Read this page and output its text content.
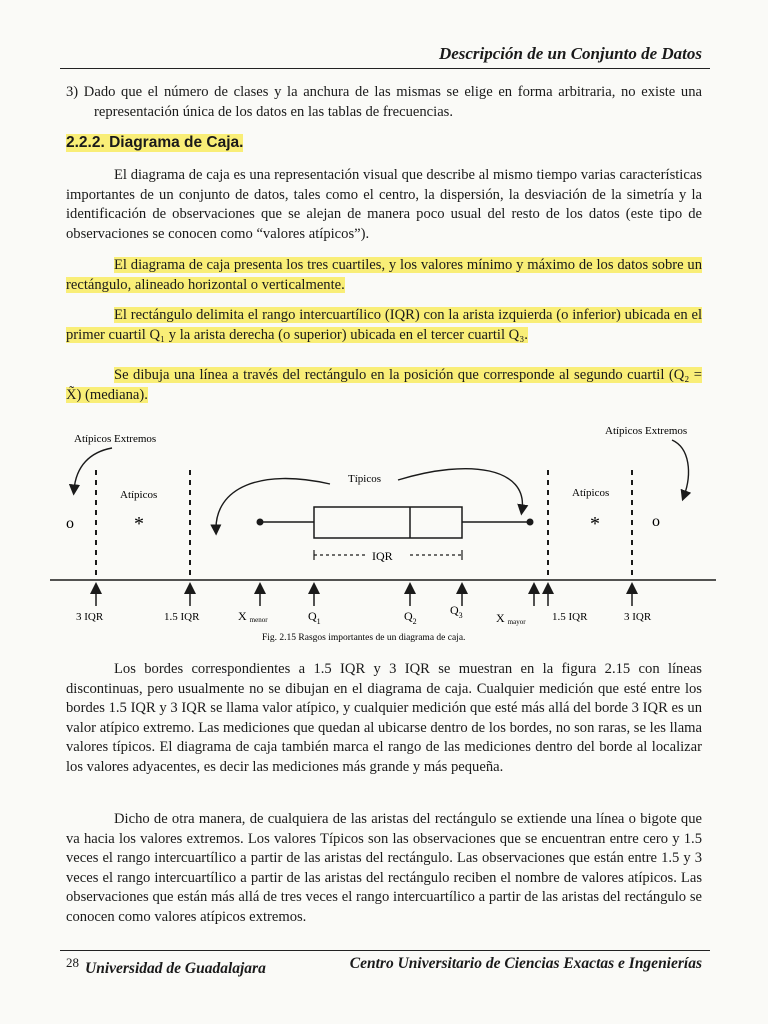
Descripción de un Conjunto de Datos
3) Dado que el número de clases y la anchura de las mismas se elige en forma arbitraria, no existe una representación única de los datos en las tablas de frecuencias.
2.2.2. Diagrama de Caja.
El diagrama de caja es una representación visual que describe al mismo tiempo varias características importantes de un conjunto de datos, tales como el centro, la dispersión, la desviación de la simetría y la identificación de observaciones que se alejan de manera poco usual del resto de los datos (este tipo de observaciones se conocen como “valores atípicos”).
El diagrama de caja presenta los tres cuartiles, y los valores mínimo y máximo de los datos sobre un rectángulo, alineado horizontal o verticalmente.
El rectángulo delimita el rango intercuartílico (IQR) con la arista izquierda (o inferior) ubicada en el primer cuartil Q₁ y la arista derecha (o superior) ubicada en el tercer cuartil Q₃.
Se dibuja una línea a través del rectángulo en la posición que corresponde al segundo cuartil (Q₂ = X̃) (mediana).
Atípicos Extremos
Atípicos Extremos
Típicos
Atípicos	Atípicos
o	*	*	o
IQR
3 IQR	1.5 IQR	Xmenor	$Q_1$	$Q_2$
$Q_3$	Xmayor 1.5 IQR	3 IQR
Fig. 2.15 Rasgos importantes de un diagrama de caja.
Los bordes correspondientes a 1.5 IQR y 3 IQR se muestran en la figura 2.15 con líneas discontinuas, pero usualmente no se dibujan en el diagrama de caja. Cualquier medición que esté entre los bordes 1.5 IQR y 3 IQR se llama valor atípico, y cualquier medición que esté más allá del borde 3 IQR es un valor atípico extremo. Las mediciones que quedan al ubicarse dentro de los bordes, no son raras, se les llama valores típicos. El diagrama de caja también marca el rango de las mediciones dentro del borde al localizar los valores adyacentes, es decir las mediciones más grande y más pequeña.
Dicho de otra manera, de cualquiera de las aristas del rectángulo se extiende una línea o bigote que va hacia los valores extremos. Los valores Típicos son las observaciones que se encuentran entre cero y 1.5 veces el rango intercuartílico a partir de las aristas del rectángulo. Las observaciones que están entre 1.5 y 3 veces el rango intercuartílico a partir de las aristas del rectángulo reciben el nombre de valores atípicos. Las observaciones que están más allá de tres veces el rango intercuartílico a partir de las aristas del rectángulo se conocen como valores atípicos extremos.
$^{28}$ Universidad de Guadalajara	Centro Universitario de Ciencias Exactas e Ingenierías
